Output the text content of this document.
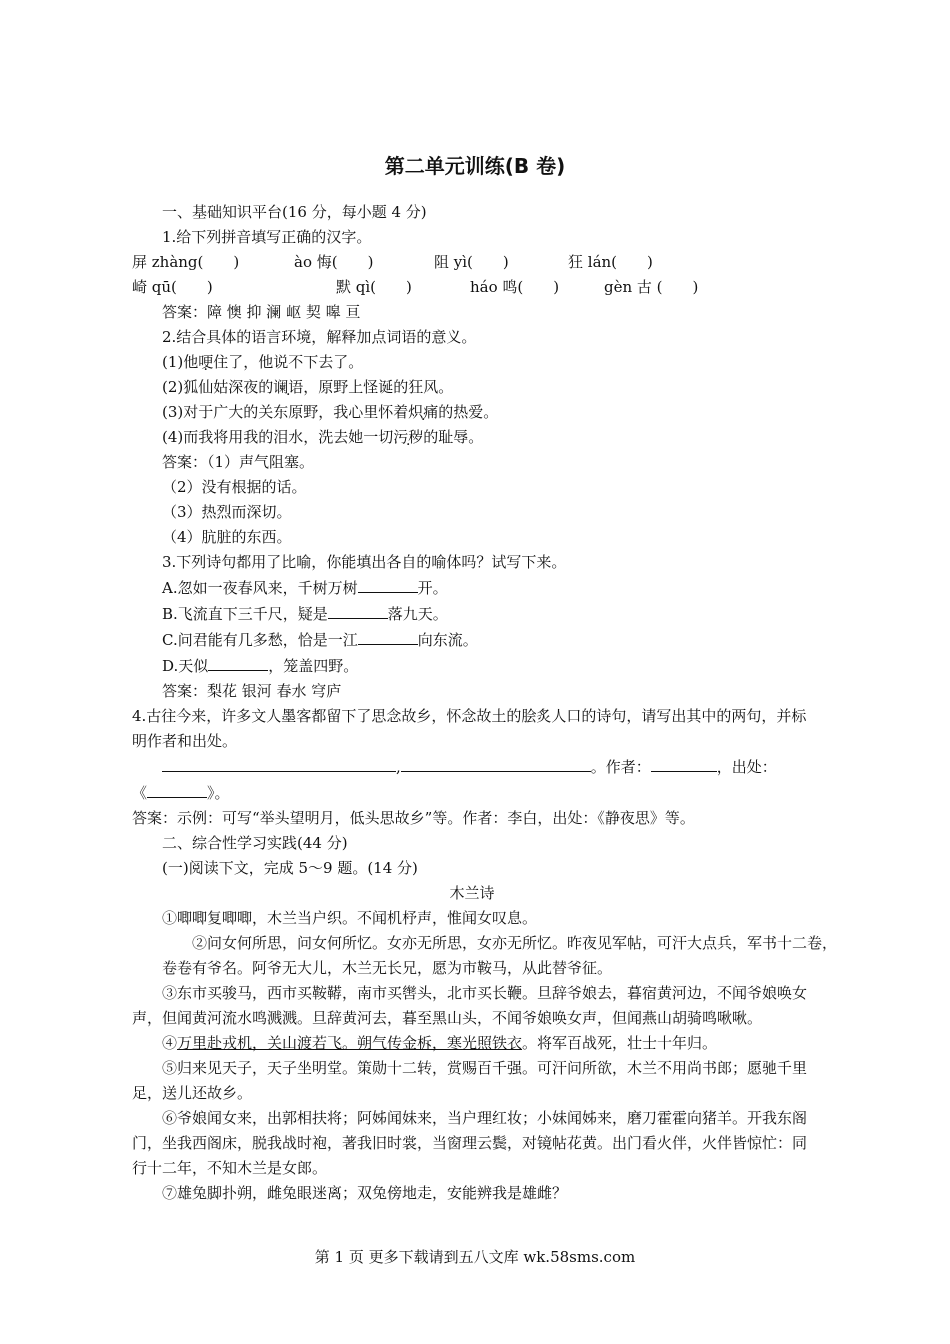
第二单元训练(B 卷)

一、基础知识平台(16 分，每小题 4 分)

1.给下列拼音填写正确的汉字。

屏 zhàng(　　)	ào 悔(　　)	阻 yì(　　)	狂 lán(　　)
崎 qū(　　)	默 qì(　　)	háo 鸣(　　)	gèn 古 (　　)

答案：障 懊 抑 澜 岖 契 嗥 亘

2.结合具体的语言环境，解释加点词语的意义。

(1)他哽住了，他说不下去了。

(2)狐仙姑深夜的谰语，原野上怪诞的狂风。

(3)对于广大的关东原野，我心里怀着炽痛的热爱。

(4)而我将用我的泪水，洗去她一切污秽的耻辱。

答案：（1）声气阻塞。

（2）没有根据的话。

（3）热烈而深切。

（4）肮脏的东西。

3.下列诗句都用了比喻，你能填出各自的喻体吗？试写下来。

A.忽如一夜春风来，千树万树	开。

B.飞流直下三千尺，疑是	落九天。

C.问君能有几多愁，恰是一江	向东流。

D.天似	，笼盖四野。

答案：梨花 银河 春水 穹庐

4.古往今来，许多文人墨客都留下了思念故乡，怀念故土的脍炙人口的诗句，请写出其中的两句，并标明作者和出处。

,	。作者：	，出处：

《	》。

答案：示例：可写“举头望明月，低头思故乡”等。作者：李白，出处：《静夜思》等。

二、综合性学习实践(44 分)

(一)阅读下文，完成 5～9 题。(14 分)

木兰诗

①唧唧复唧唧，木兰当户织。不闻机杼声，惟闻女叹息。

②问女何所思，问女何所忆。女亦无所思，女亦无所忆。昨夜见军帖，可汗大点兵，军书十二卷，卷卷有爷名。阿爷无大儿，木兰无长兄，愿为市鞍马，从此替爷征。

③东市买骏马，西市买鞍鞯，南市买辔头，北市买长鞭。旦辞爷娘去，暮宿黄河边，不闻爷娘唤女声，但闻黄河流水鸣溅溅。旦辞黄河去，暮至黑山头，不闻爷娘唤女声，但闻燕山胡骑鸣啾啾。

④万里赴戎机，关山渡若飞。朔气传金柝，寒光照铁衣。将军百战死，壮士十年归。

⑤归来见天子，天子坐明堂。策勋十二转，赏赐百千强。可汗问所欲，木兰不用尚书郎；愿驰千里足，送儿还故乡。

⑥爷娘闻女来，出郭相扶将；阿姊闻妹来，当户理红妆；小妹闻姊来，磨刀霍霍向猪羊。开我东阁门，坐我西阁床，脱我战时袍，著我旧时裳，当窗理云鬓，对镜帖花黄。出门看火伴，火伴皆惊忙：同行十二年，不知木兰是女郎。

⑦雄兔脚扑朔，雌兔眼迷离；双兔傍地走，安能辨我是雄雌？

第 1 页 更多下载请到五八文库 wk.58sms.com
